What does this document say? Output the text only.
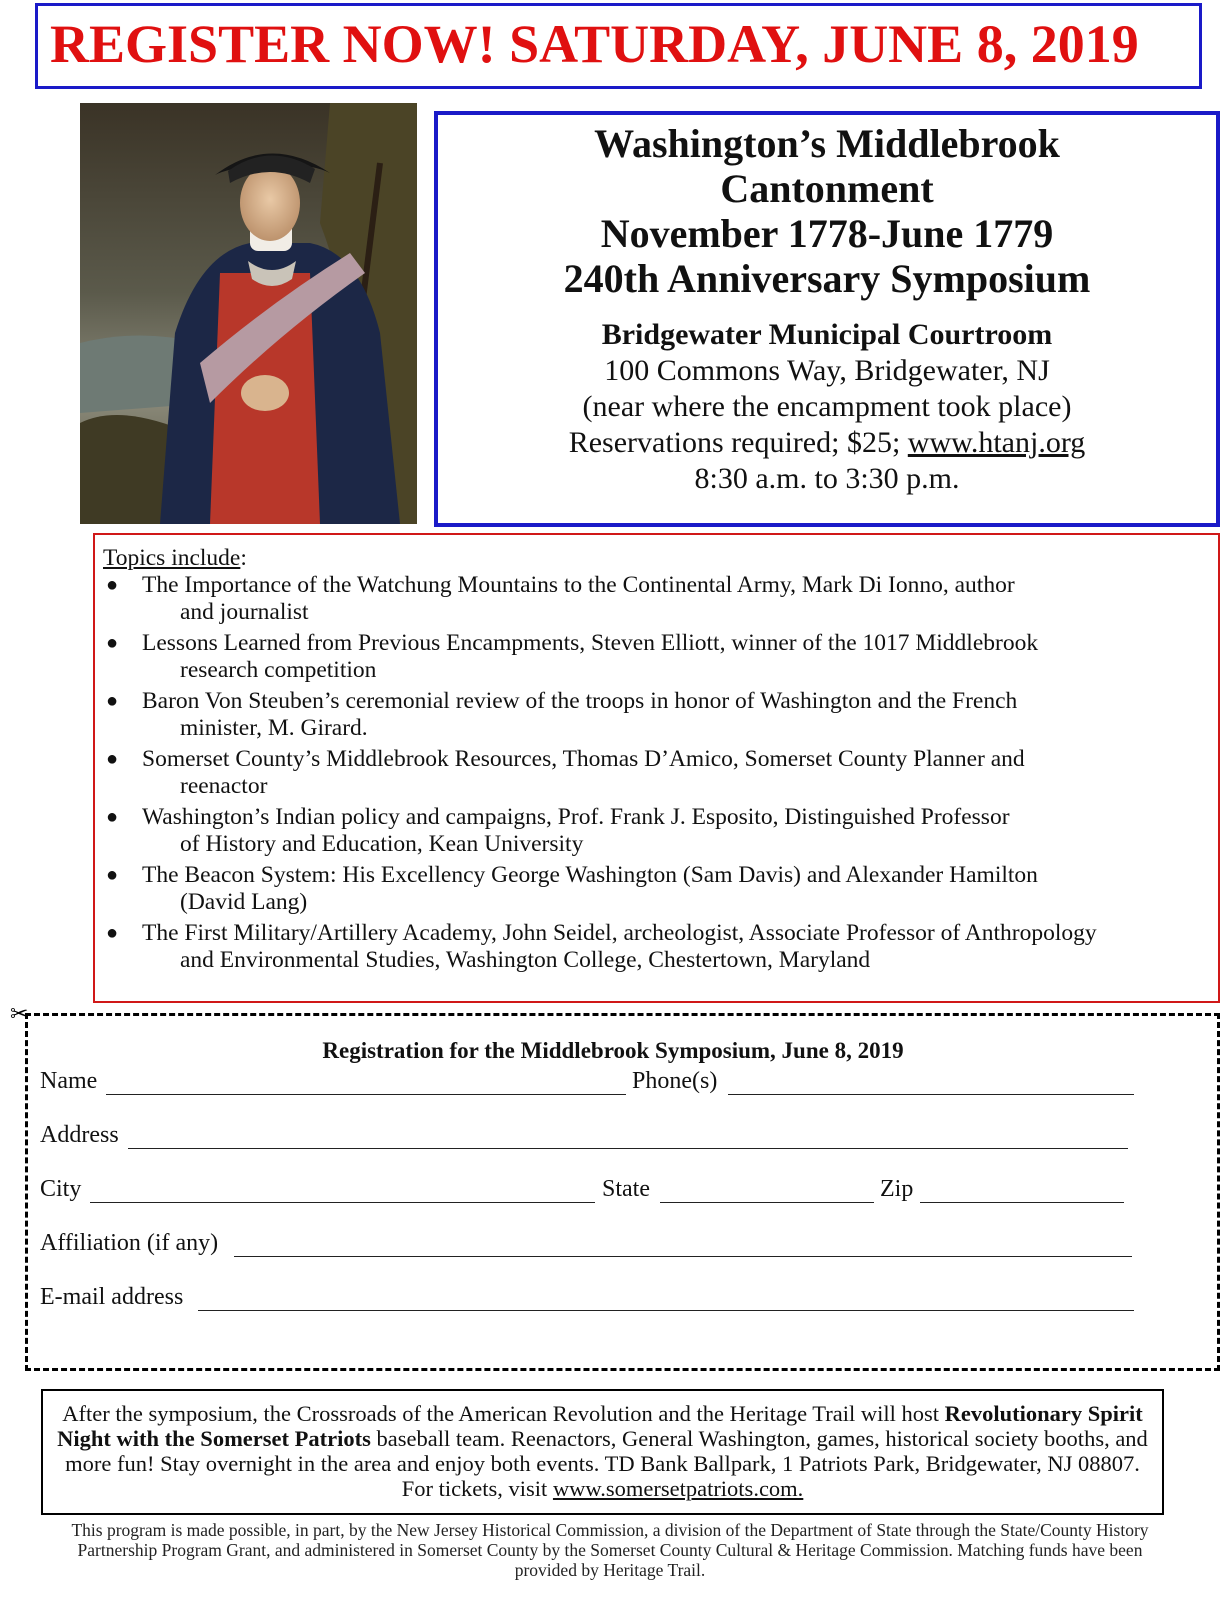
REGISTER NOW! SATURDAY, JUNE 8, 2019
Washington’s Middlebrook
Cantonment
November 1778-June 1779
240th Anniversary Symposium
Bridgewater Municipal Courtroom
100 Commons Way, Bridgewater, NJ
(near where the encampment took place)
Reservations required; $25; www.htanj.org
8:30 a.m. to 3:30 p.m.
Topics include:
● The Importance of the Watchung Mountains to the Continental Army, Mark Di Ionno, author
and journalist
● Lessons Learned from Previous Encampments, Steven Elliott, winner of the 1017 Middlebrook
research competition
● Baron Von Steuben’s ceremonial review of the troops in honor of Washington and the French
minister, M. Girard.
● Somerset County’s Middlebrook Resources, Thomas D’Amico, Somerset County Planner and
reenactor
● Washington’s Indian policy and campaigns, Prof. Frank J. Esposito, Distinguished Professor
of History and Education, Kean University
● The Beacon System: His Excellency George Washington (Sam Davis) and Alexander Hamilton
(David Lang)
● The First Military/Artillery Academy, John Seidel, archeologist, Associate Professor of Anthropology
and Environmental Studies, Washington College, Chestertown, Maryland
✂
Registration for the Middlebrook Symposium, June 8, 2019
Name	Phone(s)
Address
City	State	Zip
Affiliation (if any)
E-mail address
After the symposium, the Crossroads of the American Revolution and the Heritage Trail will host Revolutionary Spirit Night with the Somerset Patriots baseball team. Reenactors, General Washington, games, historical society booths, and more fun! Stay overnight in the area and enjoy both events. TD Bank Ballpark, 1 Patriots Park, Bridgewater, NJ 08807. For tickets, visit www.somersetpatriots.com.
This program is made possible, in part, by the New Jersey Historical Commission, a division of the Department of State through the State/County History Partnership Program Grant, and administered in Somerset County by the Somerset County Cultural & Heritage Commission. Matching funds have been provided by Heritage Trail.
